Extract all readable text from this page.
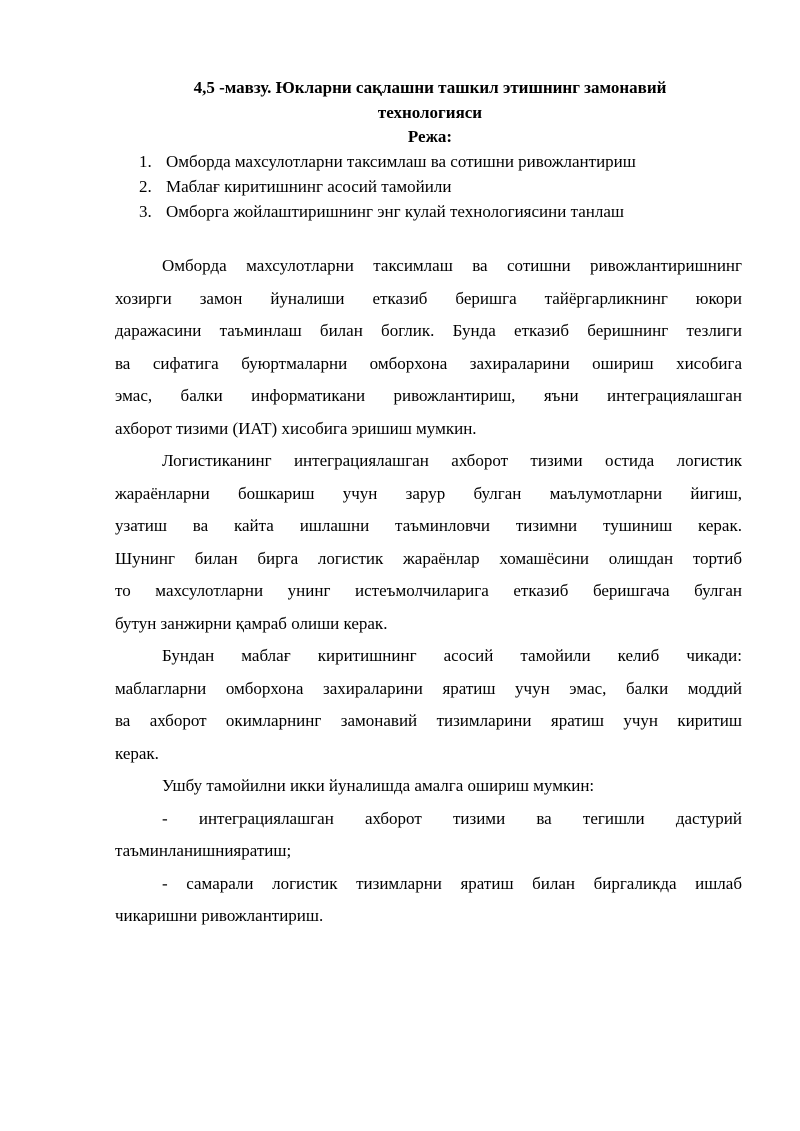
4,5 -мавзу. Юкларни сақлашни ташкил этишнинг замонавий
технологияси
Режа:
1. Омборда махсулотларни таксимлаш ва сотишни ривожлантириш
2. Маблағ киритишнинг асосий тамойили
3. Омборга жойлаштиришнинг энг кулай технологиясини танлаш
Омборда махсулотларни таксимлаш ва сотишни ривожлантиришнинг
хозирги замон йуналиши етказиб беришга тайёргарликнинг юкори
даражасини таъминлаш билан боглик. Бунда етказиб беришнинг тезлиги
ва сифатига буюртмаларни омборхона захираларини ошириш хисобига
эмас, балки информатикани ривожлантириш, яъни интеграциялашган
ахборот тизими (ИАТ) хисобига эришиш мумкин.
Логистиканинг интеграциялашган ахборот тизими остида логистик
жараёнларни бошкариш учун зарур булган маълумотларни йигиш,
узатиш ва кайта ишлашни таъминловчи тизимни тушиниш керак.
Шунинг билан бирга логистик жараёнлар хомашёсини олишдан тортиб
то махсулотларни унинг истеъмолчиларига етказиб беришгача булган
бутун занжирни қамраб олиши керак.
Бундан маблағ киритишнинг асосий тамойили келиб чикади:
маблагларни омборхона захираларини яратиш учун эмас, балки моддий
ва ахборот окимларнинг замонавий тизимларини яратиш учун киритиш
керак.
Ушбу тамойилни икки йуналишда амалга ошириш мумкин:
- интеграциялашган ахборот тизими ва тегишли дастурий
таъминланишнияратиш;
- самарали логистик тизимларни яратиш билан биргаликда ишлаб
чикаришни ривожлантириш.
